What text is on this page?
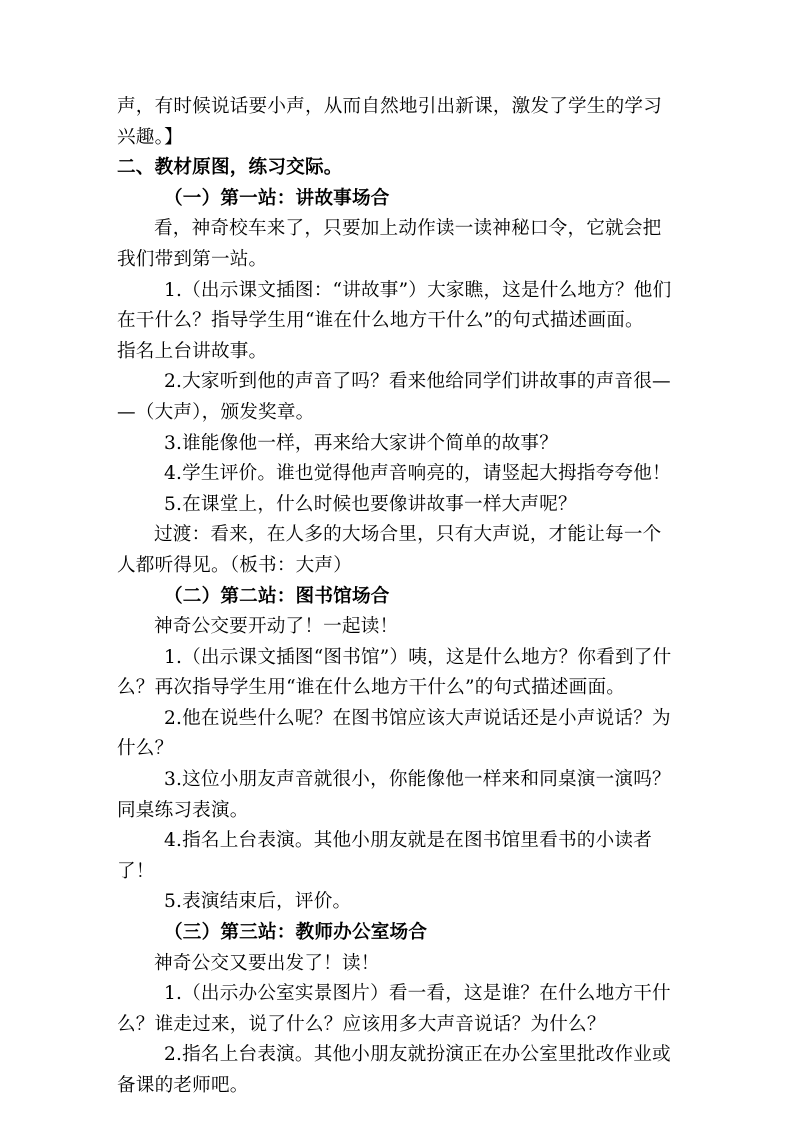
声，有时候说话要小声，从而自然地引出新课，激发了学生的学习
兴趣。】
二、教材原图，练习交际。
（一）第一站：讲故事场合
看，神奇校车来了，只要加上动作读一读神秘口令，它就会把
我们带到第一站。
1.（出示课文插图：“讲故事”）大家瞧，这是什么地方？他们
在干什么？指导学生用“谁在什么地方干什么”的句式描述画面。
指名上台讲故事。
2.大家听到他的声音了吗？看来他给同学们讲故事的声音很—
—（大声），颁发奖章。
3.谁能像他一样，再来给大家讲个简单的故事？
4.学生评价。谁也觉得他声音响亮的，请竖起大拇指夸夸他！
5.在课堂上，什么时候也要像讲故事一样大声呢？
过渡：看来，在人多的大场合里，只有大声说，才能让每一个
人都听得见。（板书：大声）
（二）第二站：图书馆场合
神奇公交要开动了！一起读！
1.（出示课文插图“图书馆”）咦，这是什么地方？你看到了什
么？再次指导学生用“谁在什么地方干什么”的句式描述画面。
2.他在说些什么呢？在图书馆应该大声说话还是小声说话？为
什么？
3.这位小朋友声音就很小，你能像他一样来和同桌演一演吗？
同桌练习表演。
4.指名上台表演。其他小朋友就是在图书馆里看书的小读者
了！
5.表演结束后，评价。
（三）第三站：教师办公室场合
神奇公交又要出发了！读！
1.（出示办公室实景图片）看一看，这是谁？在什么地方干什
么？谁走过来，说了什么？应该用多大声音说话？为什么？
2.指名上台表演。其他小朋友就扮演正在办公室里批改作业或
备课的老师吧。
